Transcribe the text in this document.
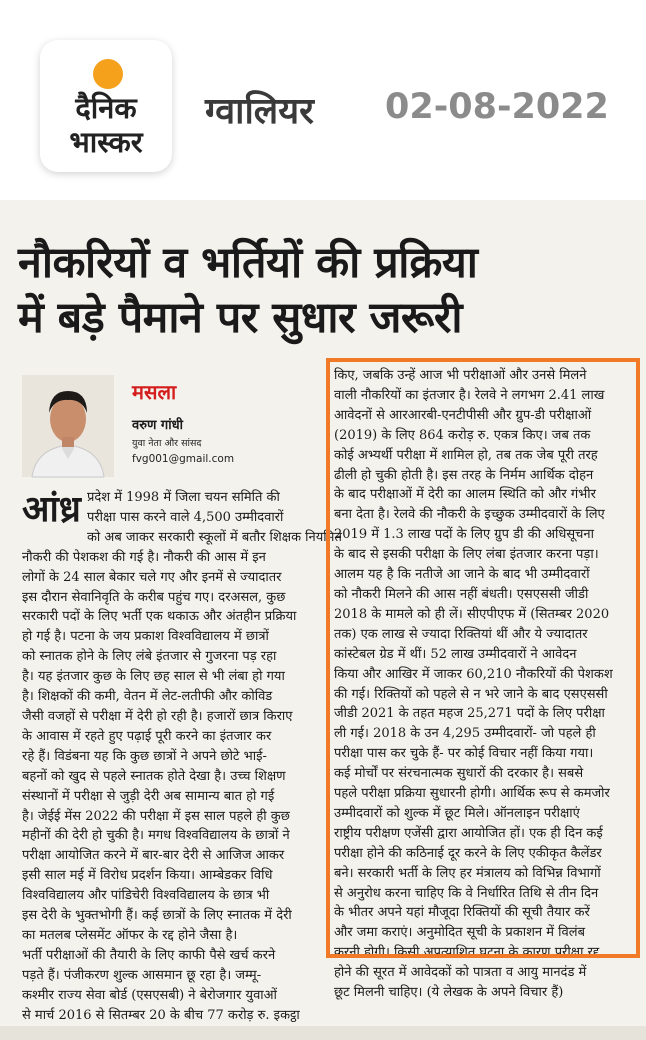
दैनिक
भास्कर
ग्वालियर 02-08-2022
नौकरियों व भर्तियों की प्रक्रिया
में बड़े पैमाने पर सुधार जरूरी
मसला
वरुण गांधी
युवा नेता और सांसद
fvg001@gmail.com
आंध्र प्रदेश में 1998 में जिला चयन समिति की
परीक्षा पास करने वाले 4,500 उम्मीदवारों
को अब जाकर सरकारी स्कूलों में बतौर शिक्षक नियमित
नौकरी की पेशकश की गई है। नौकरी की आस में इन
लोगों के 24 साल बेकार चले गए और इनमें से ज्यादातर
इस दौरान सेवानिवृति के करीब पहुंच गए। दरअसल, कुछ
सरकारी पदों के लिए भर्ती एक थकाऊ और अंतहीन प्रक्रिया
हो गई है। पटना के जय प्रकाश विश्वविद्यालय में छात्रों
को स्नातक होने के लिए लंबे इंतजार से गुजरना पड़ रहा
है। यह इंतजार कुछ के लिए छह साल से भी लंबा हो गया
है। शिक्षकों की कमी, वेतन में लेट-लतीफी और कोविड
जैसी वजहों से परीक्षा में देरी हो रही है। हजारों छात्र किराए
के आवास में रहते हुए पढ़ाई पूरी करने का इंतजार कर
रहे हैं। विडंबना यह कि कुछ छात्रों ने अपने छोटे भाई-
बहनों को खुद से पहले स्नातक होते देखा है। उच्च शिक्षण
संस्थानों में परीक्षा से जुड़ी देरी अब सामान्य बात हो गई
है। जेईई मेंस 2022 की परीक्षा में इस साल पहले ही कुछ
महीनों की देरी हो चुकी है। मगध विश्वविद्यालय के छात्रों ने
परीक्षा आयोजित करने में बार-बार देरी से आजिज आकर
इसी साल मई में विरोध प्रदर्शन किया। आम्बेडकर विधि
विश्वविद्यालय और पांडिचेरी विश्वविद्यालय के छात्र भी
इस देरी के भुक्तभोगी हैं। कई छात्रों के लिए स्नातक में देरी
का मतलब प्लेसमेंट ऑफर के रद्द होने जैसा है।
भर्ती परीक्षाओं की तैयारी के लिए काफी पैसे खर्च करने
पड़ते हैं। पंजीकरण शुल्क आसमान छू रहा है। जम्मू-
कश्मीर राज्य सेवा बोर्ड (एसएसबी) ने बेरोजगार युवाओं
से मार्च 2016 से सितम्बर 20 के बीच 77 करोड़ रु. इकट्ठा
किए, जबकि उन्हें आज भी परीक्षाओं और उनसे मिलने
वाली नौकरियों का इंतजार है। रेलवे ने लगभग 2.41 लाख
आवेदनों से आरआरबी-एनटीपीसी और ग्रुप-डी परीक्षाओं
(2019) के लिए 864 करोड़ रु. एकत्र किए। जब तक
कोई अभ्यर्थी परीक्षा में शामिल हो, तब तक जेब पूरी तरह
ढीली हो चुकी होती है। इस तरह के निर्मम आर्थिक दोहन
के बाद परीक्षाओं में देरी का आलम स्थिति को और गंभीर
बना देता है। रेलवे की नौकरी के इच्छुक उम्मीदवारों के लिए
2019 में 1.3 लाख पदों के लिए ग्रुप डी की अधिसूचना
के बाद से इसकी परीक्षा के लिए लंबा इंतजार करना पड़ा।
आलम यह है कि नतीजे आ जाने के बाद भी उम्मीदवारों
को नौकरी मिलने की आस नहीं बंधती। एसएससी जीडी
2018 के मामले को ही लें। सीएपीएफ में (सितम्बर 2020
तक) एक लाख से ज्यादा रिक्तियां थीं और ये ज्यादातर
कांस्टेबल ग्रेड में थीं। 52 लाख उम्मीदवारों ने आवेदन
किया और आखिर में जाकर 60,210 नौकरियों की पेशकश
की गई। रिक्तियों को पहले से न भरे जाने के बाद एसएससी
जीडी 2021 के तहत महज 25,271 पदों के लिए परीक्षा
ली गई। 2018 के उन 4,295 उम्मीदवारों- जो पहले ही
परीक्षा पास कर चुके हैं- पर कोई विचार नहीं किया गया।
कई मोर्चों पर संरचनात्मक सुधारों की दरकार है। सबसे
पहले परीक्षा प्रक्रिया सुधारनी होगी। आर्थिक रूप से कमजोर
उम्मीदवारों को शुल्क में छूट मिले। ऑनलाइन परीक्षाएं
राष्ट्रीय परीक्षण एजेंसी द्वारा आयोजित हों। एक ही दिन कई
परीक्षा होने की कठिनाई दूर करने के लिए एकीकृत कैलेंडर
बने। सरकारी भर्ती के लिए हर मंत्रालय को विभिन्न विभागों
से अनुरोध करना चाहिए कि वे निर्धारित तिथि से तीन दिन
के भीतर अपने यहां मौजूदा रिक्तियों की सूची तैयार करें
और जमा कराएं। अनुमोदित सूची के प्रकाशन में विलंब
करनी होगी। किसी अप्रत्याशित घटना के कारण परीक्षा रद्द
होने की सूरत में आवेदकों को पात्रता व आयु मानदंड में
छूट मिलनी चाहिए। (ये लेखक के अपने विचार हैं)
